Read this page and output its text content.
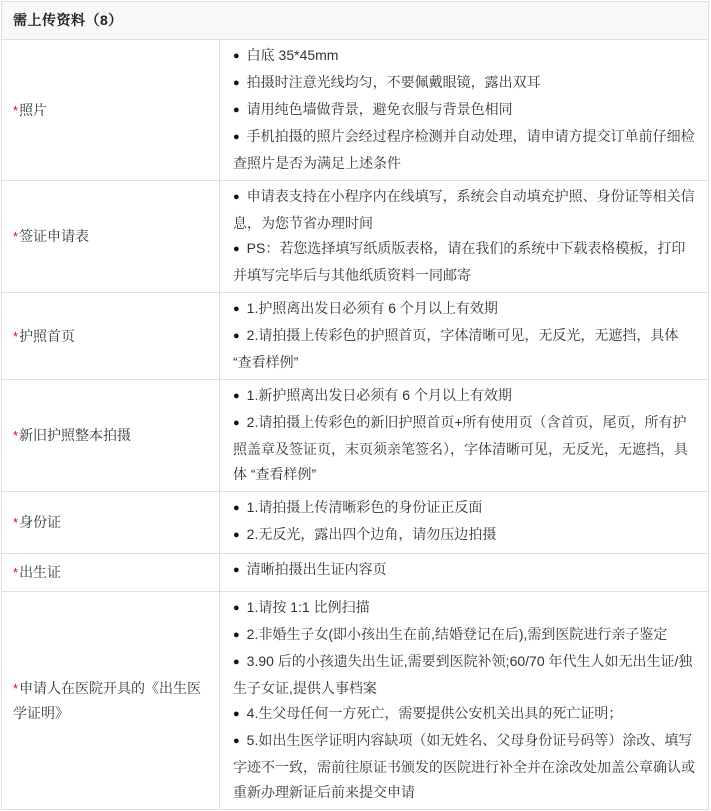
需上传资料（8）
*照片

● 白底 35*45mm

● 拍摄时注意光线均匀，不要佩戴眼镜，露出双耳

● 请用纯色墙做背景，避免衣服与背景色相同

● 手机拍摄的照片会经过程序检测并自动处理，请申请方提交订单前仔细检查照片是否为满足上述条件

*签证申请表

● 申请表支持在小程序内在线填写，系统会自动填充护照、身份证等相关信息，为您节省办理时间

● PS：若您选择填写纸质版表格，请在我们的系统中下载表格模板，打印并填写完毕后与其他纸质资料一同邮寄

*护照首页

● 1.护照离出发日必须有 6 个月以上有效期

● 2.请拍摄上传彩色的护照首页，字体清晰可见，无反光，无遮挡，具体 “查看样例”

*新旧护照整本拍摄

● 1.新护照离出发日必须有 6 个月以上有效期

● 2.请拍摄上传彩色的新旧护照首页+所有使用页（含首页，尾页，所有护照盖章及签证页，末页须亲笔签名），字体清晰可见，无反光，无遮挡，具体 “查看样例”

*身份证

● 1.请拍摄上传清晰彩色的身份证正反面

● 2.无反光，露出四个边角，请勿压边拍摄

*出生证	● 清晰拍摄出生证内容页

*申请人在医院开具的《出生医学证明》

● 1.请按 1:1 比例扫描

● 2.非婚生子女(即小孩出生在前,结婚登记在后),需到医院进行亲子鉴定

● 3.90 后的小孩遗失出生证,需要到医院补领;60/70 年代生人如无出生证/独生子女证,提供人事档案

● 4.生父母任何一方死亡，需要提供公安机关出具的死亡证明；

● 5.如出生医学证明内容缺项（如无姓名、父母身份证号码等）涂改、填写字迹不一致，需前往原证书颁发的医院进行补全并在涂改处加盖公章确认或重新办理新证后前来提交申请
